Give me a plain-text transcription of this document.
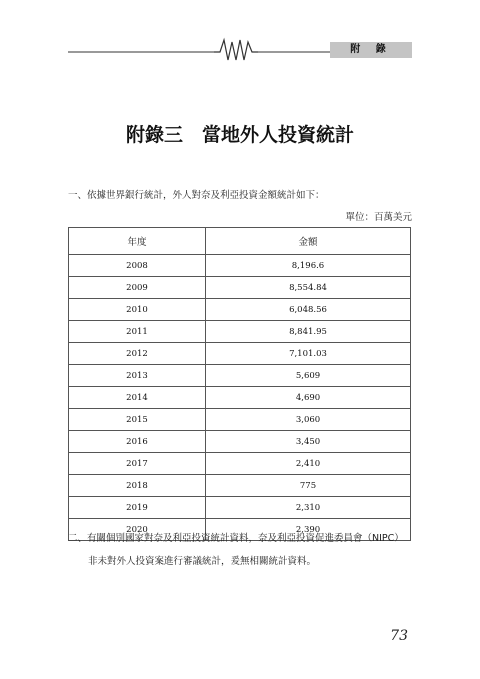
附 錄
附錄三　當地外人投資統計
一、依據世界銀行統計，外人對奈及利亞投資金額統計如下：
單位：百萬美元
年度	金額
2008	8,196.6
2009	8,554.84
2010	6,048.56
2011	8,841.95
2012	7,101.03
2013	5,609
2014	4,690
2015	3,060
2016	3,450
2017	2,410
2018	775
2019	2,310
2020	2,390
二、有關個別國家對奈及利亞投資統計資料，奈及利亞投資促進委員會（NIPC）
非未對外人投資案進行審議統計，爰無相關統計資料。
73
